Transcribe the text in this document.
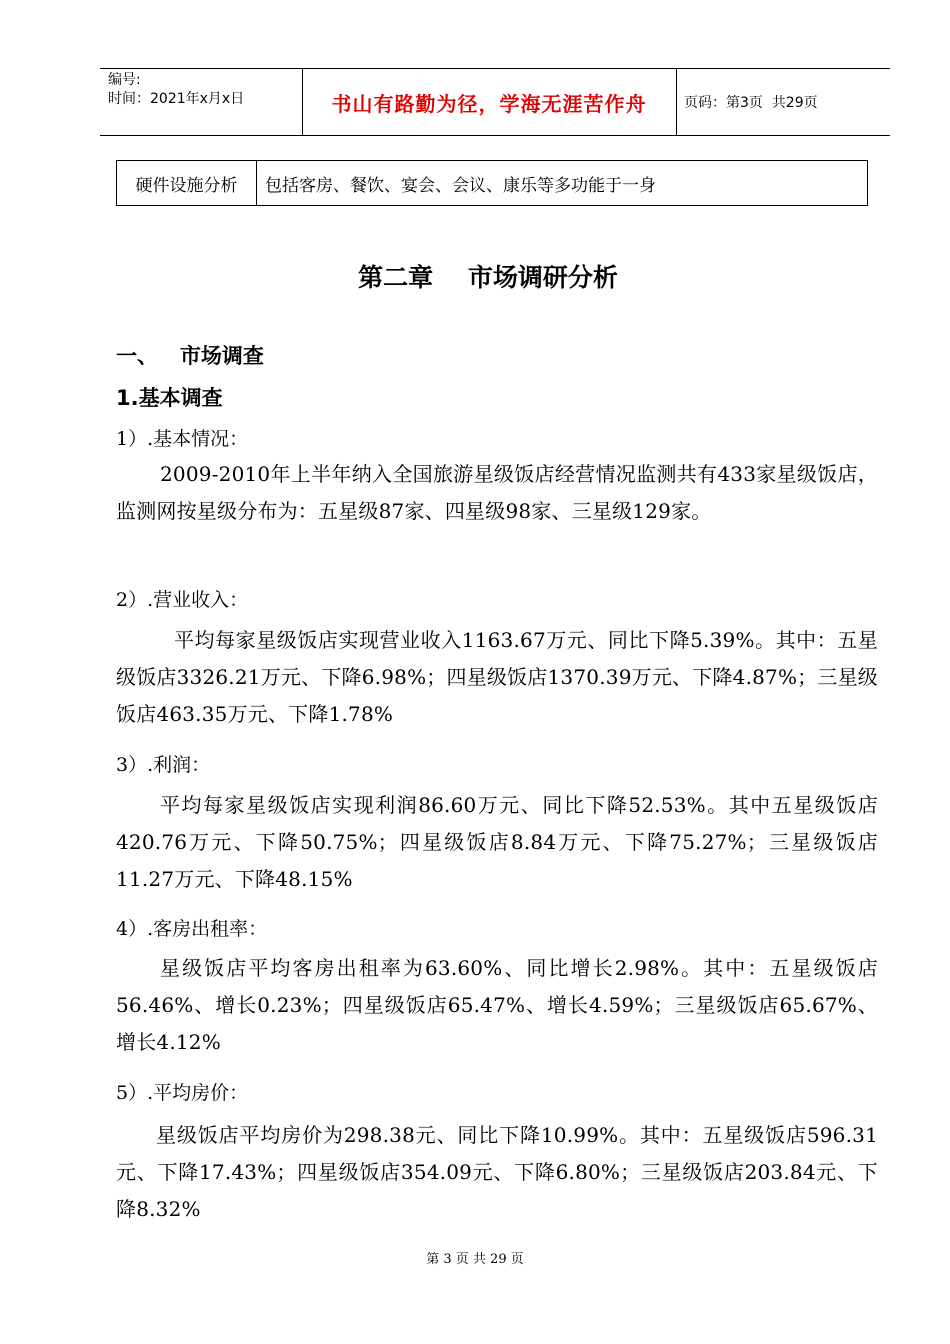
编号:
时间：2021年x月x日	书山有路勤为径，学海无涯苦作舟	页码：第3页  共29页
硬件设施分析	包括客房、餐饮、宴会、会议、康乐等多功能于一身
第二章    市场调研分析
一、   市场调查
1.基本调查
1）.基本情况：
2009-2010年上半年纳入全国旅游星级饭店经营情况监测共有433家星级饭店，监测网按星级分布为：五星级87家、四星级98家、三星级129家。
2）.营业收入：
平均每家星级饭店实现营业收入1163.67万元、同比下降5.39%。其中：五星级饭店3326.21万元、下降6.98%；四星级饭店1370.39万元、下降4.87%；三星级饭店463.35万元、下降1.78%
3）.利润：
平均每家星级饭店实现利润86.60万元、同比下降52.53%。其中五星级饭店420.76万元、下降50.75%；四星级饭店8.84万元、下降75.27%；三星级饭店11.27万元、下降48.15%
4）.客房出租率：
星级饭店平均客房出租率为63.60%、同比增长2.98%。其中：五星级饭店56.46%、增长0.23%；四星级饭店65.47%、增长4.59%；三星级饭店65.67%、增长4.12%
5）.平均房价：
星级饭店平均房价为298.38元、同比下降10.99%。其中：五星级饭店596.31元、下降17.43%；四星级饭店354.09元、下降6.80%；三星级饭店203.84元、下降8.32%
第 3 页 共 29 页
